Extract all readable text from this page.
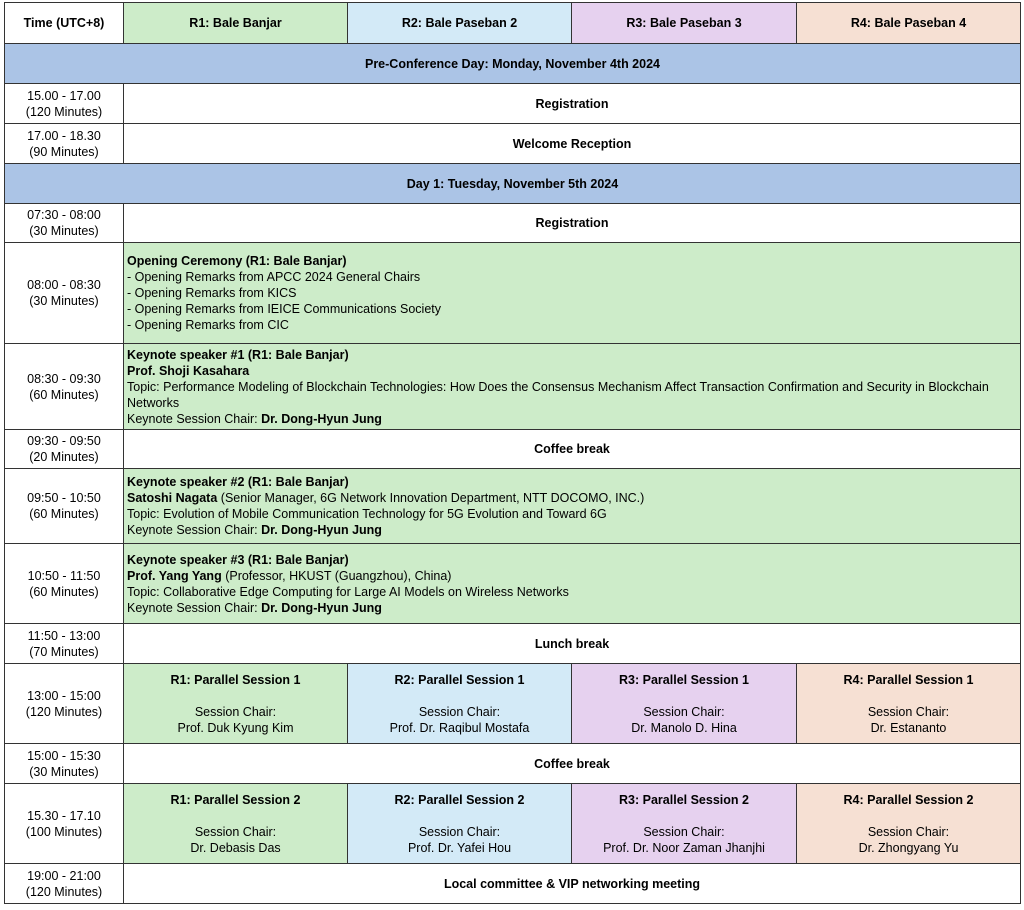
Time (UTC+8)	R1: Bale Banjar	R2: Bale Paseban 2	R3: Bale Paseban 3	R4: Bale Paseban 4
Pre-Conference Day: Monday, November 4th 2024				

15.00 - 17.00
(120 Minutes)	Registration			

17.00 - 18.30
(90 Minutes)	Welcome Reception			
Day 1: Tuesday, November 5th 2024				

07:30 - 08:00
(30 Minutes)	Registration			

08:00 - 08:30
(30 Minutes)	Opening Ceremony (R1: Bale Banjar)
- Opening Remarks from APCC 2024 General Chairs
- Opening Remarks from KICS
- Opening Remarks from IEICE Communications Society
- Opening Remarks from CIC			

08:30 - 09:30
(60 Minutes)	Keynote speaker #1 (R1: Bale Banjar)
Prof. Shoji Kasahara
Topic: Performance Modeling of Blockchain Technologies: How Does the Consensus Mechanism Affect Transaction Confirmation and Security in Blockchain Networks
Keynote Session Chair: Dr. Dong-Hyun Jung			

09:30 - 09:50
(20 Minutes)	Coffee break			

09:50 - 10:50
(60 Minutes)	Keynote speaker #2 (R1: Bale Banjar)
Satoshi Nagata (Senior Manager, 6G Network Innovation Department, NTT DOCOMO, INC.)
Topic: Evolution of Mobile Communication Technology for 5G Evolution and Toward 6G
Keynote Session Chair: Dr. Dong-Hyun Jung			

10:50 - 11:50
(60 Minutes)	Keynote speaker #3 (R1: Bale Banjar)
Prof. Yang Yang (Professor, HKUST (Guangzhou), China)
Topic: Collaborative Edge Computing for Large AI Models on Wireless Networks
Keynote Session Chair: Dr. Dong-Hyun Jung			

11:50 - 13:00
(70 Minutes)	Lunch break			

13:00 - 15:00
(120 Minutes)	R1: Parallel Session 1

Session Chair:
Prof. Duk Kyung Kim	R2: Parallel Session 1

Session Chair:
Prof. Dr. Raqibul Mostafa	R3: Parallel Session 1

Session Chair:
Dr. Manolo D. Hina	R4: Parallel Session 1

Session Chair:
Dr. Estananto

15:00 - 15:30
(30 Minutes)	Coffee break			

15.30 - 17.10
(100 Minutes)	R1: Parallel Session 2

Session Chair:
Dr. Debasis Das	R2: Parallel Session 2

Session Chair:
Prof. Dr. Yafei Hou	R3: Parallel Session 2

Session Chair:
Prof. Dr. Noor Zaman Jhanjhi	R4: Parallel Session 2

Session Chair:
Dr. Zhongyang Yu

19:00 - 21:00
(120 Minutes)	Local committee & VIP networking meeting			
